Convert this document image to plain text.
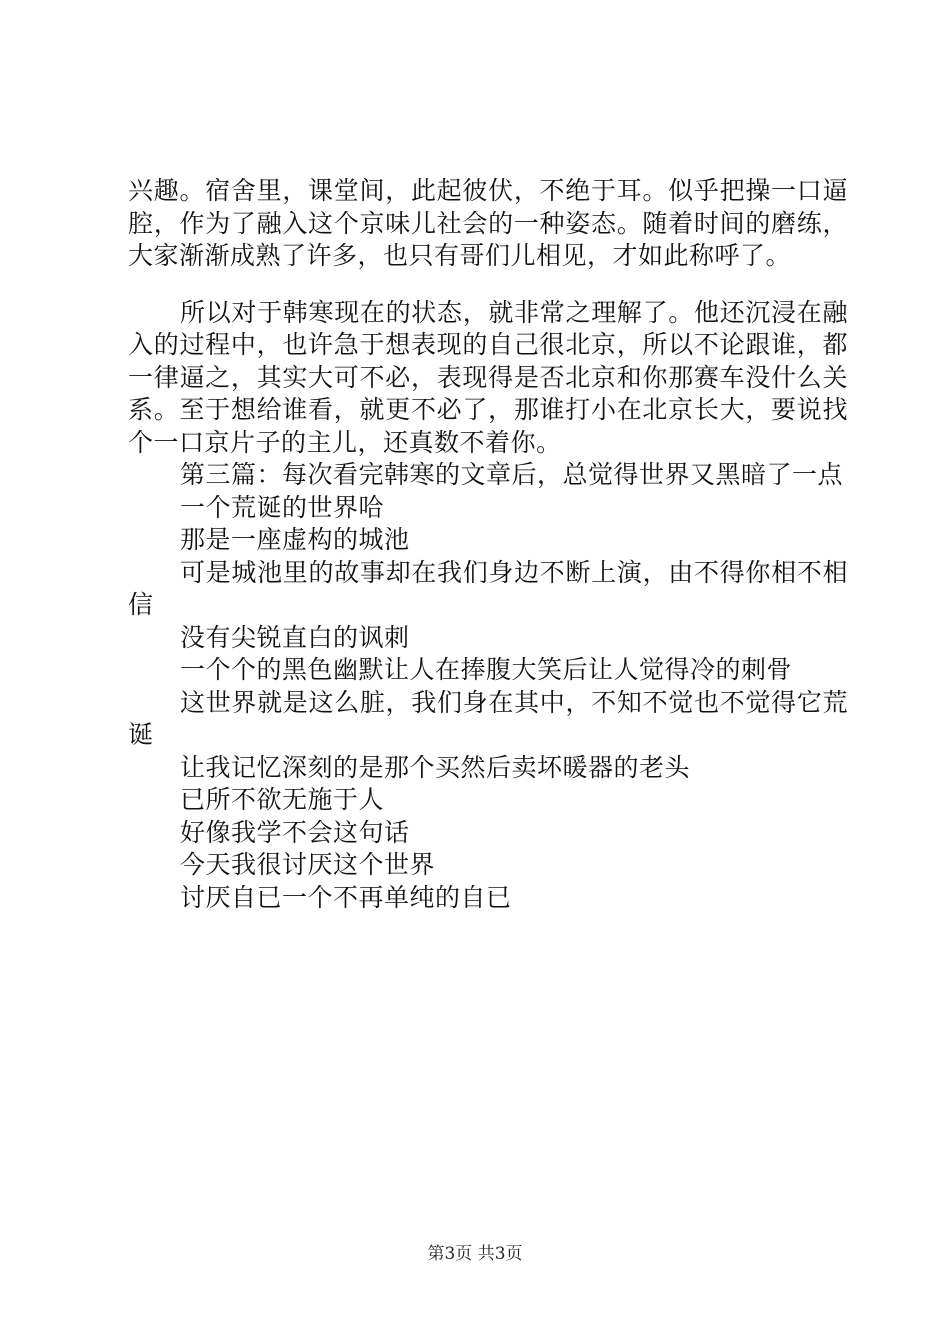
兴趣。宿舍里，课堂间，此起彼伏，不绝于耳。似乎把操一口逼腔，作为了融入这个京味儿社会的一种姿态。随着时间的磨练，大家渐渐成熟了许多，也只有哥们儿相见，才如此称呼了。

所以对于韩寒现在的状态，就非常之理解了。他还沉浸在融入的过程中，也许急于想表现的自己很北京，所以不论跟谁，都一律逼之，其实大可不必，表现得是否北京和你那赛车没什么关系。至于想给谁看，就更不必了，那谁打小在北京长大，要说找个一口京片子的主儿，还真数不着你。

第三篇：每次看完韩寒的文章后，总觉得世界又黑暗了一点

一个荒诞的世界哈

那是一座虚构的城池

可是城池里的故事却在我们身边不断上演，由不得你相不相信

没有尖锐直白的讽刺

一个个的黑色幽默让人在捧腹大笑后让人觉得冷的刺骨

这世界就是这么脏，我们身在其中，不知不觉也不觉得它荒诞

让我记忆深刻的是那个买然后卖坏暖器的老头

已所不欲无施于人

好像我学不会这句话

今天我很讨厌这个世界

讨厌自已一个不再单纯的自已

第3页 共3页
